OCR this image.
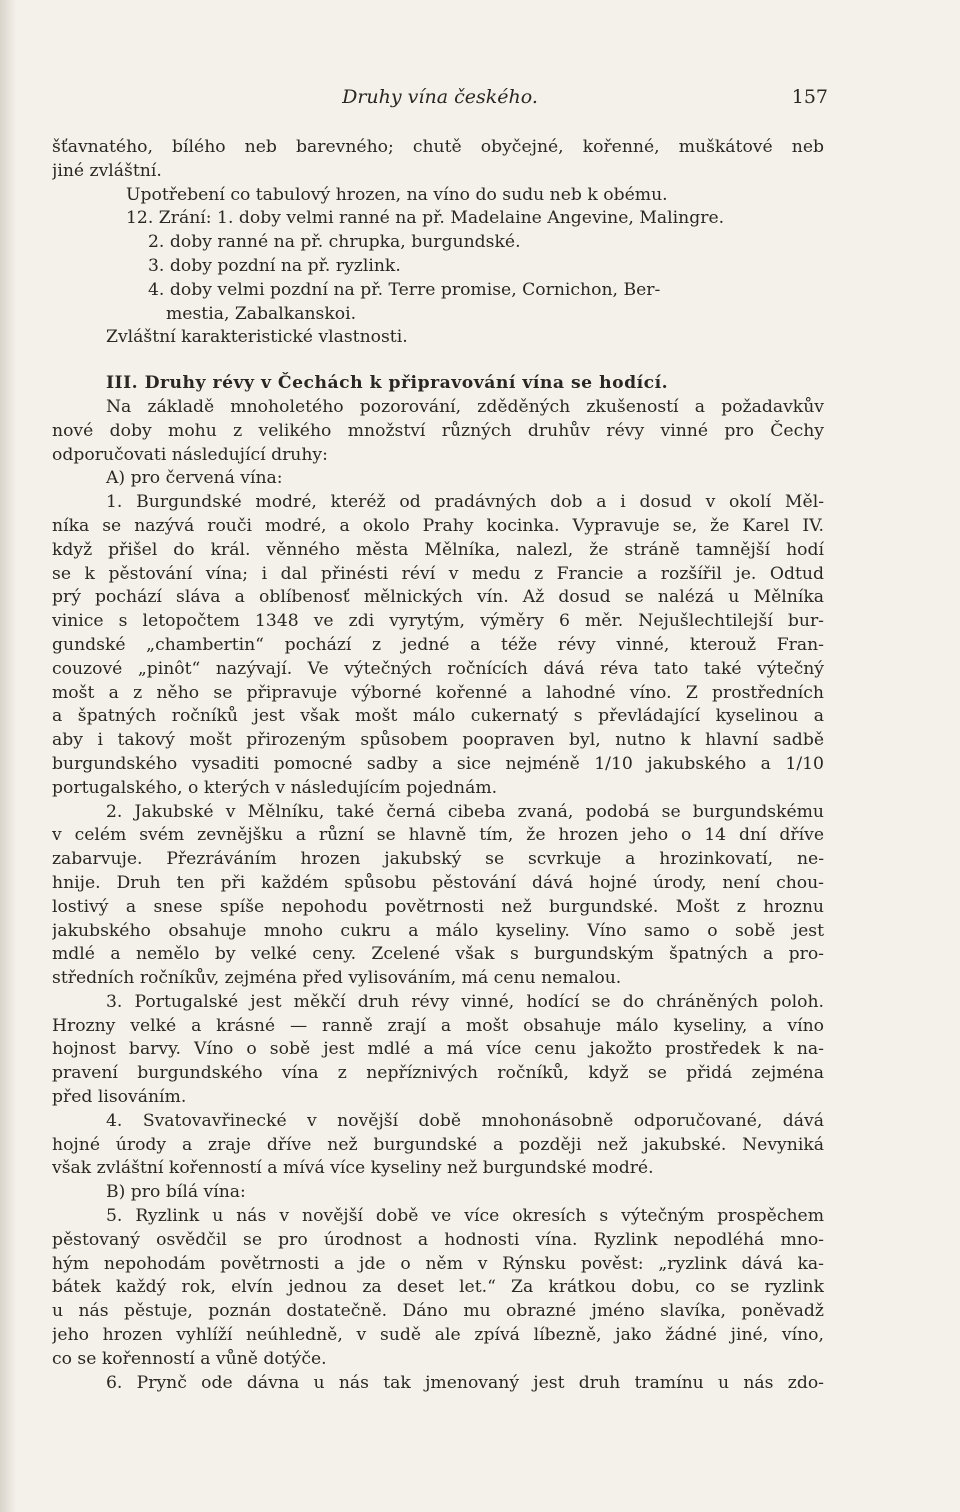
Druhy vína českého.	157
šťavnatého, bílého neb barevného; chutě obyčejné, kořenné, muškátové neb
jiné zvláštní.
Upotřebení co tabulový hrozen, na víno do sudu neb k obému.
12. Zrání: 1. doby velmi ranné na př. Madelaine Angevine, Malingre.
2. doby ranné na př. chrupka, burgundské.
3. doby pozdní na př. ryzlink.
4. doby velmi pozdní na př. Terre promise, Cornichon, Ber-
mestia, Zabalkanskoi.
Zvláštní karakteristické vlastnosti.
III. Druhy révy v Čechách k připravování vína se hodící.
Na základě mnoholetého pozorování, zděděných zkušeností a požadavkův
nové doby mohu z velikého množství různých druhův révy vinné pro Čechy
odporučovati následující druhy:
A) pro červená vína:
1. Burgundské modré, kteréž od pradávných dob a i dosud v okolí Měl-
níka se nazývá rouči modré, a okolo Prahy kocinka. Vypravuje se, že Karel IV.
když přišel do král. věnného města Mělníka, nalezl, že stráně tamnější hodí
se k pěstování vína; i dal přinésti réví v medu z Francie a rozšířil je. Odtud
prý pochází sláva a oblíbenosť mělnických vín. Až dosud se nalézá u Mělníka
vinice s letopočtem 1348 ve zdi vyrytým, výměry 6 měr. Nejušlechtilejší bur-
gundské „chambertin“ pochází z jedné a téže révy vinné, kterouž Fran-
couzové „pinôt“ nazývají. Ve výtečných ročnících dává réva tato také výtečný
mošt a z něho se připravuje výborné kořenné a lahodné víno. Z prostředních
a špatných ročníků jest však mošt málo cukernatý s převládající kyselinou a
aby i takový mošt přirozeným spůsobem poopraven byl, nutno k hlavní sadbě
burgundského vysaditi pomocné sadby a sice nejméně 1/10 jakubského a 1/10
portugalského, o kterých v následujícím pojednám.
2. Jakubské v Mělníku, také černá cibeba zvaná, podobá se burgundskému
v celém svém zevnějšku a různí se hlavně tím, že hrozen jeho o 14 dní dříve
zabarvuje. Přezráváním hrozen jakubský se scvrkuje a hrozinkovatí, ne-
hnije. Druh ten při každém spůsobu pěstování dává hojné úrody, není chou-
lostivý a snese spíše nepohodu povětrnosti než burgundské. Mošt z hroznu
jakubského obsahuje mnoho cukru a málo kyseliny. Víno samo o sobě jest
mdlé a nemělo by velké ceny. Zcelené však s burgundským špatných a pro-
středních ročníkův, zejména před vylisováním, má cenu nemalou.
3. Portugalské jest měkčí druh révy vinné, hodící se do chráněných poloh.
Hrozny velké a krásné — ranně zrají a mošt obsahuje málo kyseliny, a víno
hojnost barvy. Víno o sobě jest mdlé a má více cenu jakožto prostředek k na-
pravení burgundského vína z nepříznivých ročníků, když se přidá zejména
před lisováním.
4. Svatovavřinecké v novější době mnohonásobně odporučované, dává
hojné úrody a zraje dříve než burgundské a později než jakubské. Nevyniká
však zvláštní kořenností a mívá více kyseliny než burgundské modré.
B) pro bílá vína:
5. Ryzlink u nás v novější době ve více okresích s výtečným prospěchem
pěstovaný osvědčil se pro úrodnost a hodnosti vína. Ryzlink nepodléhá mno-
hým nepohodám povětrnosti a jde o něm v Rýnsku pověst: „ryzlink dává ka-
bátek každý rok, elvín jednou za deset let.“ Za krátkou dobu, co se ryzlink
u nás pěstuje, poznán dostatečně. Dáno mu obrazné jméno slavíka, poněvadž
jeho hrozen vyhlíží neúhledně, v sudě ale zpívá líbezně, jako žádné jiné, víno,
co se kořenností a vůně dotýče.
6. Prynč ode dávna u nás tak jmenovaný jest druh tramínu u nás zdo-
